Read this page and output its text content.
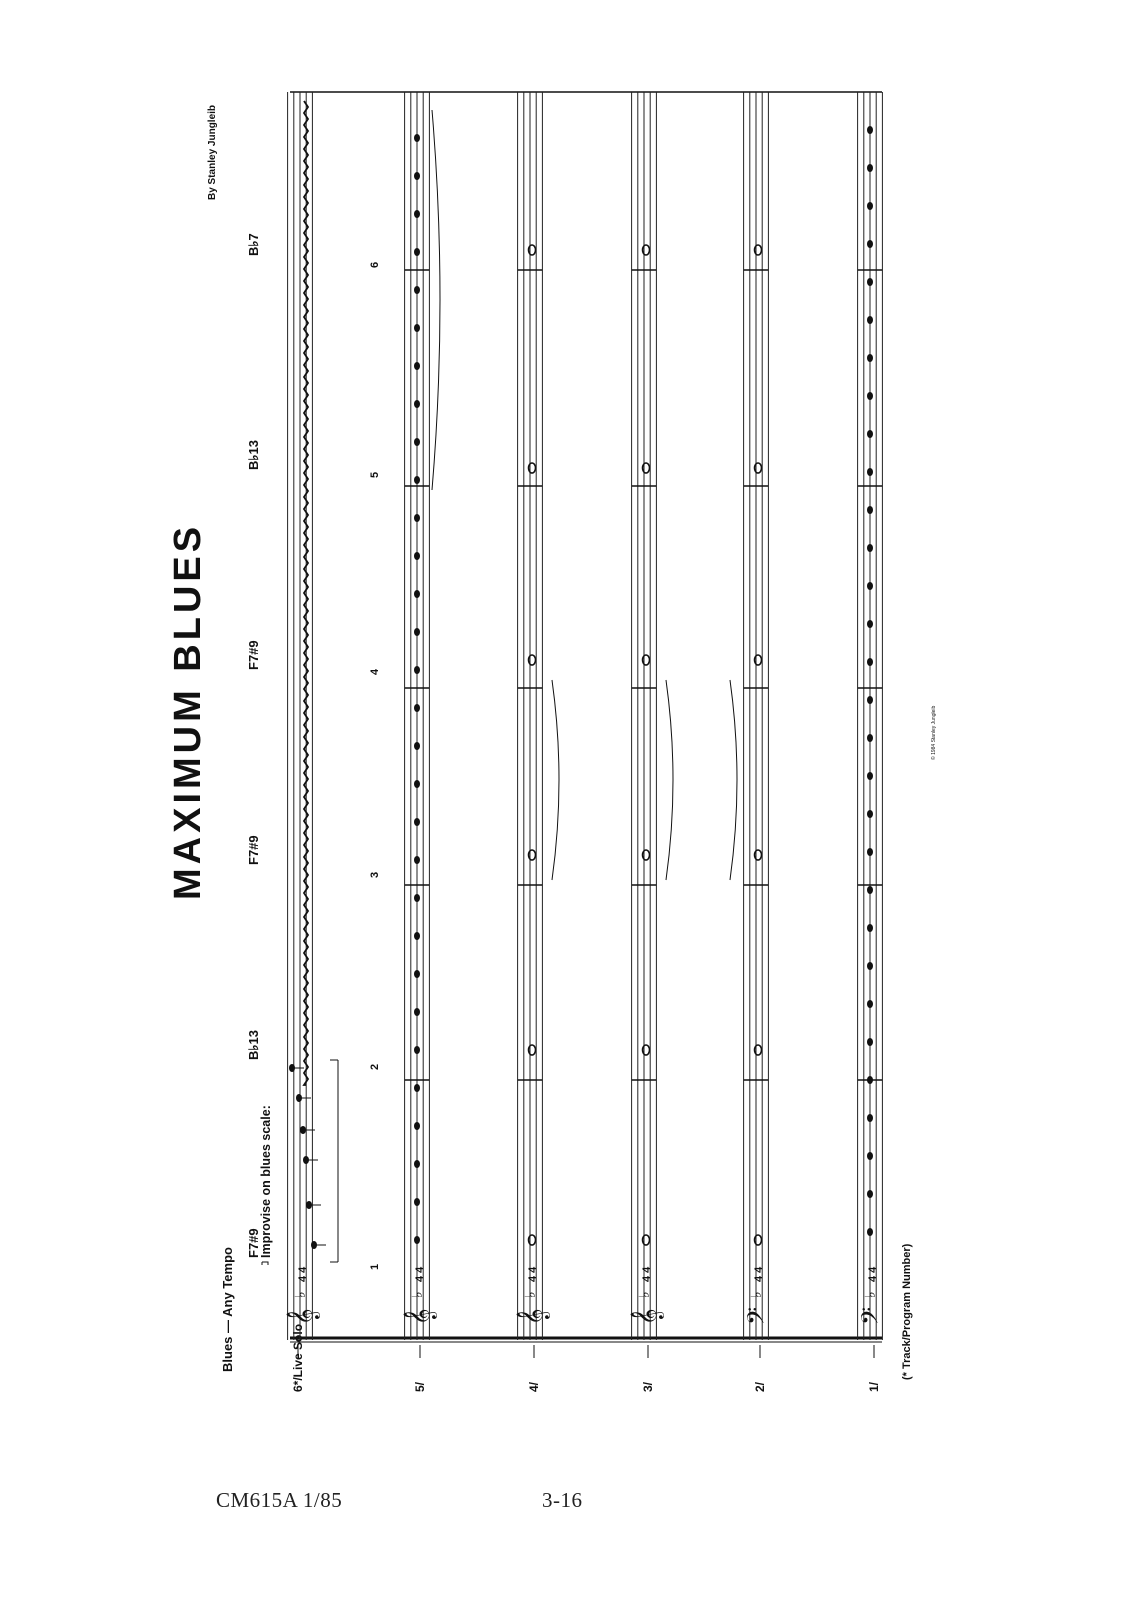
MAXIMUM BLUES
By Stanley Jungleib
Blues — Any Tempo
Improvise on blues scale:
(* Track/Program Number)
© 1984 Stanley Jungleib
F7#9
B♭13
F7#9
F7#9
B♭13
B♭7
1
2
3
4
5
6
6*/Live Solo	5/	4/	3/	2/	1/
𝄞
♭
4 4
𝄞
♭
4 4
𝄞
♭
4 4
𝄞
♭
4 4
𝄢
♭
4 4
𝄢
♭
4 4
CM615A 1/85	3-16
